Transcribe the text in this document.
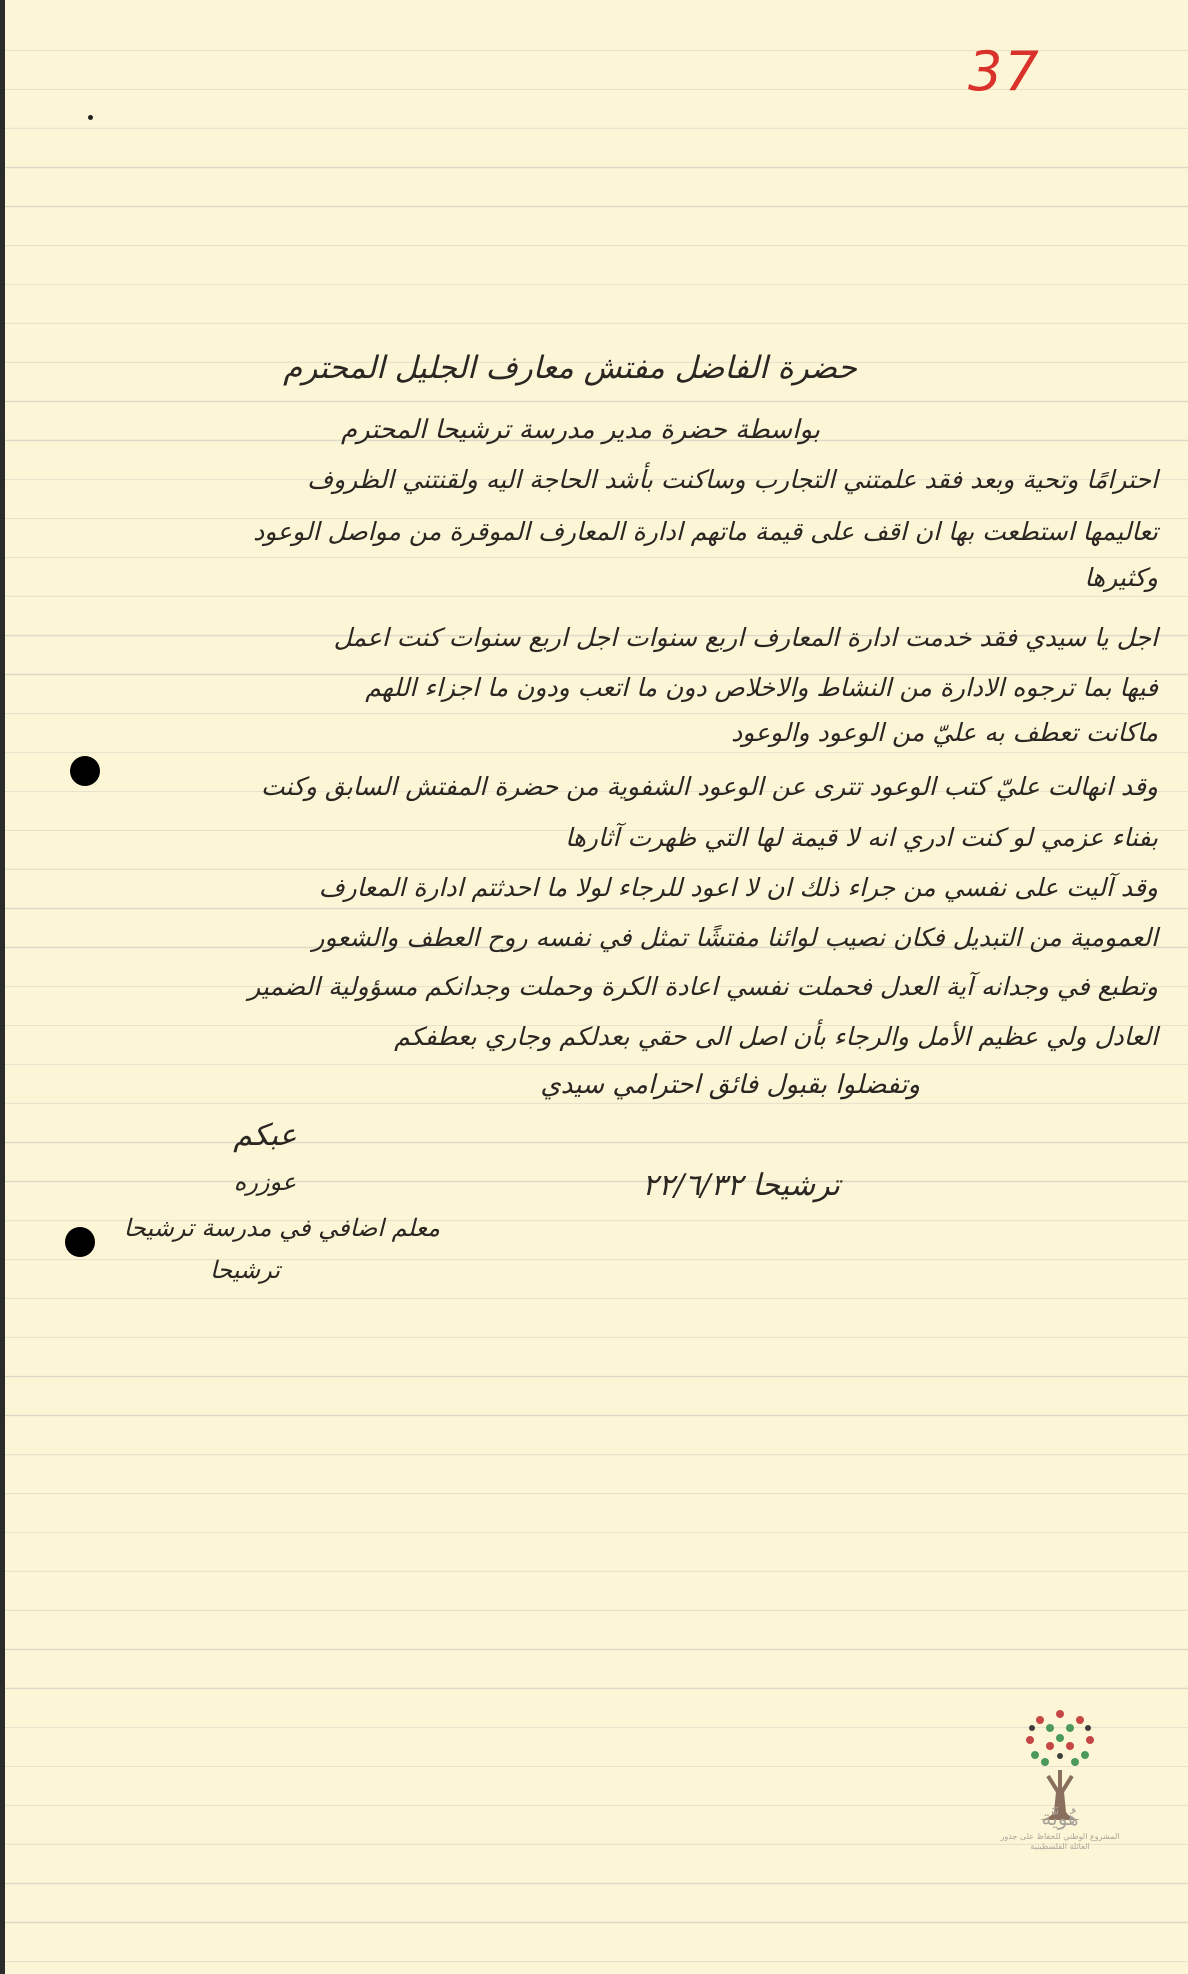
37
حضرة الفاضل مفتش معارف الجليل المحترم
بواسطة حضرة مدير مدرسة ترشيحا المحترم
احترامًا وتحية وبعد فقد علمتني التجارب وساكنت بأشد الحاجة اليه ولقنتني الظروف
تعاليمها استطعت بها ان اقف على قيمة ماتهم ادارة المعارف الموقرة من مواصل الوعود
وكثيرها
اجل يا سيدي فقد خدمت ادارة المعارف اربع سنوات اجل اربع سنوات كنت اعمل
فيها بما ترجوه الادارة من النشاط والاخلاص دون ما اتعب ودون ما اجزاء اللهم
ماكانت تعطف به عليّ من الوعود والوعود
وقد انهالت عليّ كتب الوعود تترى عن الوعود الشفوية من حضرة المفتش السابق وكنت
بفناء عزمي لو كنت ادري انه لا قيمة لها التي ظهرت آثارها
وقد آليت على نفسي من جراء ذلك ان لا اعود للرجاء لولا ما احدثتم ادارة المعارف
العمومية من التبديل فكان نصيب لوائنا مفتشًا تمثل في نفسه روح العطف والشعور
وتطبع في وجدانه آية العدل فحملت نفسي اعادة الكرة وحملت وجدانكم مسؤولية الضمير
العادل ولي عظيم الأمل والرجاء بأن اصل الى حقي بعدلكم وجاري بعطفكم
وتفضلوا بقبول فائق احترامي سيدي
عبكم
عوزره
معلم اضافي في مدرسة ترشيحا
ترشيحا
ترشيحا ٢٢/٦/٣٢
هُويَّة
المشروع الوطني للحفاظ على جذور العائلة الفلسطينية
